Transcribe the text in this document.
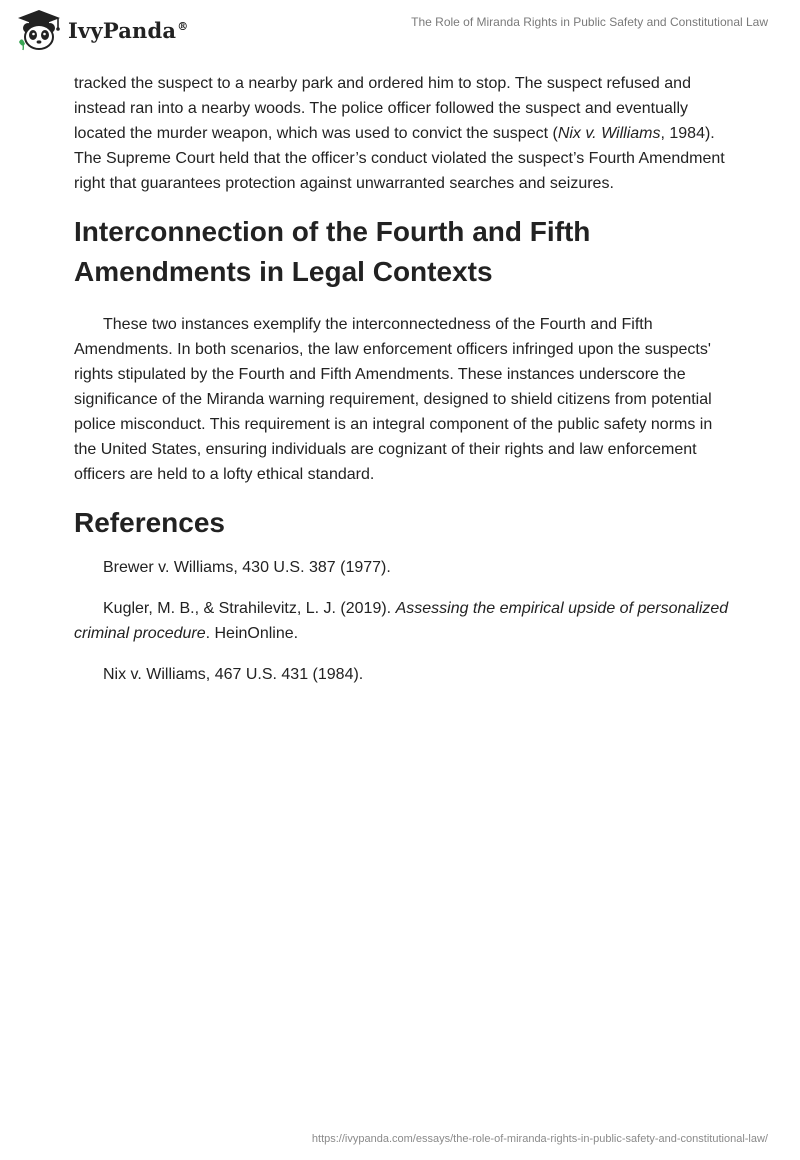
IvyPanda®	The Role of Miranda Rights in Public Safety and Constitutional Law

tracked the suspect to a nearby park and ordered him to stop. The suspect refused and instead ran into a nearby woods. The police officer followed the suspect and eventually located the murder weapon, which was used to convict the suspect (Nix v. Williams, 1984). The Supreme Court held that the officer’s conduct violated the suspect’s Fourth Amendment right that guarantees protection against unwarranted searches and seizures.

Interconnection of the Fourth and Fifth Amendments in Legal Contexts

These two instances exemplify the interconnectedness of the Fourth and Fifth Amendments. In both scenarios, the law enforcement officers infringed upon the suspects' rights stipulated by the Fourth and Fifth Amendments. These instances underscore the significance of the Miranda warning requirement, designed to shield citizens from potential police misconduct. This requirement is an integral component of the public safety norms in the United States, ensuring individuals are cognizant of their rights and law enforcement officers are held to a lofty ethical standard.

References

Brewer v. Williams, 430 U.S. 387 (1977).

Kugler, M. B., & Strahilevitz, L. J. (2019). Assessing the empirical upside of personalized criminal procedure. HeinOnline.

Nix v. Williams, 467 U.S. 431 (1984).

https://ivypanda.com/essays/the-role-of-miranda-rights-in-public-safety-and-constitutional-law/
